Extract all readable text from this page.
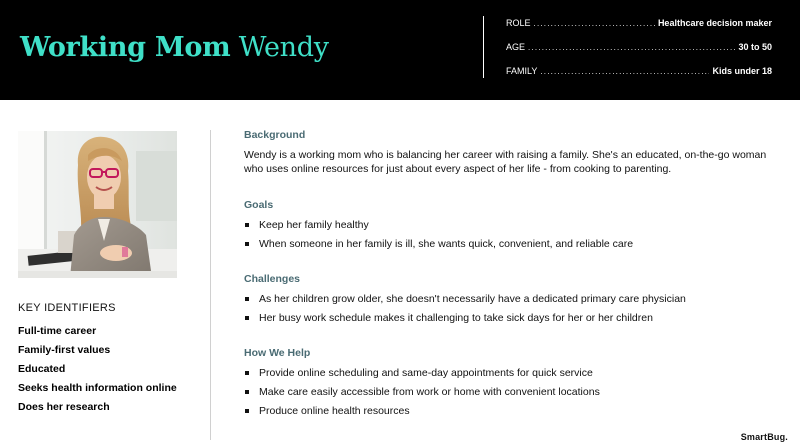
Working Mom Wendy
ROLE .....	Healthcare decision maker
AGE .....	30 to 50
FAMILY .....	Kids under 18
KEY IDENTIFIERS
Full-time career
Family-first values
Educated
Seeks health information online
Does her research
Background

Wendy is a working mom who is balancing her career with raising a family. She's an educated, on-the-go woman who uses online resources for just about every aspect of her life - from cooking to parenting.

Goals
Keep her family healthy
When someone in her family is ill, she wants quick, convenient, and reliable care
Challenges
As her children grow older, she doesn't necessarily have a dedicated primary care physician
Her busy work schedule makes it challenging to take sick days for her or her children
How We Help
Provide online scheduling and same-day appointments for quick service
Make care easily accessible from work or home with convenient locations
Produce online health resources
SmartBug.
